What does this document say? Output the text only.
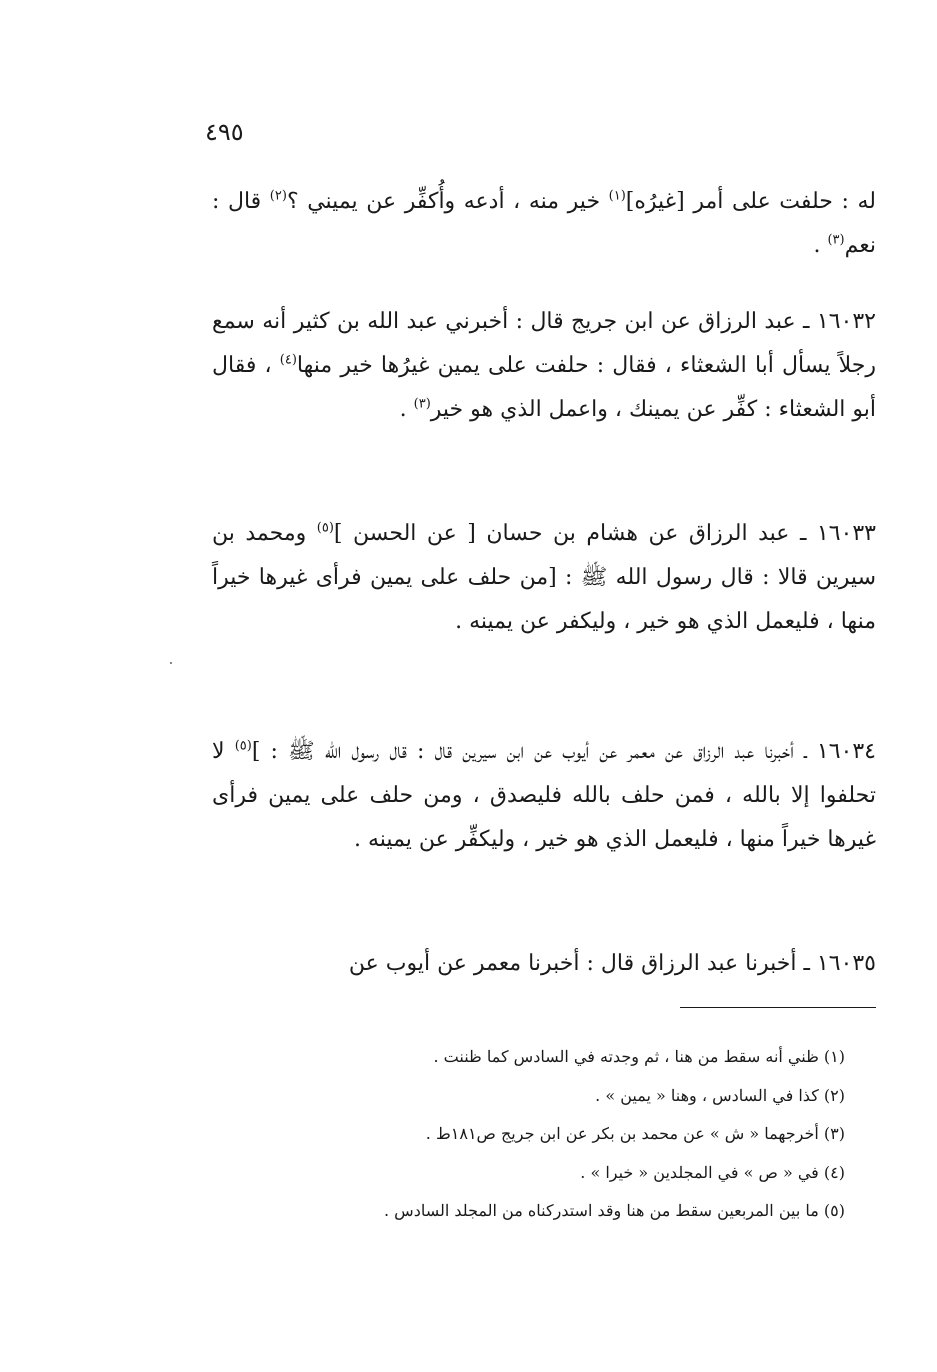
٤٩٥
له : حلفت على أمر [غيرُه]$^{(١)}$ خير منه ، أدعه وأُكفِّر عن يميني ؟$^{(٢)}$ قال : نعم$^{(٣)}$ .
١٦٠٣٢ ـ عبد الرزاق عن ابن جريج قال : أخبرني عبد الله بن كثير أنه سمع رجلاً يسأل أبا الشعثاء ، فقال : حلفت على يمين غيرُها خير منها$^{(٤)}$ ، فقال أبو الشعثاء : كفِّر عن يمينك ، واعمل الذي هو خير$^{(٣)}$ .
١٦٠٣٣ ـ عبد الرزاق عن هشام بن حسان [ عن الحسن ]$^{(٥)}$ ومحمد بن سيرين قالا : قال رسول الله ﷺ : [من حلف على يمين فرأى غيرها خيراً منها ، فليعمل الذي هو خير ، وليكفر عن يمينه .
١٦٠٣٤ ـ أخبرنا عبد الرزاق عن معمر عن أيوب عن ابن سيرين قال : قال رسول الله ﷺ : ]$^{(٥)}$ لا تحلفوا إلا بالله ، فمن حلف بالله فليصدق ، ومن حلف على يمين فرأى غيرها خيراً منها ، فليعمل الذي هو خير ، وليكفِّر عن يمينه .
١٦٠٣٥ ـ أخبرنا عبد الرزاق قال : أخبرنا معمر عن أيوب عن
(١) ظني أنه سقط من هنا ، ثم وجدته في السادس كما ظننت .
(٢) كذا في السادس ، وهنا « يمين » .
(٣) أخرجهما « ش » عن محمد بن بكر عن ابن جريج ص١٨١ط .
(٤) في « ص » في المجلدين « خيرا » .
(٥) ما بين المربعين سقط من هنا وقد استدركناه من المجلد السادس .
